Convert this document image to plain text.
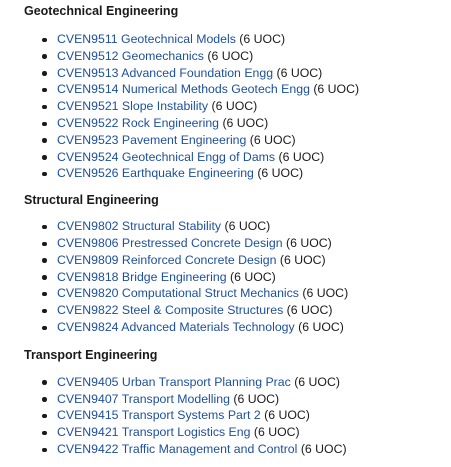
Geotechnical Engineering
CVEN9511 Geotechnical Models (6 UOC)
CVEN9512 Geomechanics (6 UOC)
CVEN9513 Advanced Foundation Engg (6 UOC)
CVEN9514 Numerical Methods Geotech Engg (6 UOC)
CVEN9521 Slope Instability (6 UOC)
CVEN9522 Rock Engineering (6 UOC)
CVEN9523 Pavement Engineering (6 UOC)
CVEN9524 Geotechnical Engg of Dams (6 UOC)
CVEN9526 Earthquake Engineering (6 UOC)
Structural Engineering
CVEN9802 Structural Stability (6 UOC)
CVEN9806 Prestressed Concrete Design (6 UOC)
CVEN9809 Reinforced Concrete Design (6 UOC)
CVEN9818 Bridge Engineering (6 UOC)
CVEN9820 Computational Struct Mechanics (6 UOC)
CVEN9822 Steel & Composite Structures (6 UOC)
CVEN9824 Advanced Materials Technology (6 UOC)
Transport Engineering
CVEN9405 Urban Transport Planning Prac (6 UOC)
CVEN9407 Transport Modelling (6 UOC)
CVEN9415 Transport Systems Part 2 (6 UOC)
CVEN9421 Transport Logistics Eng (6 UOC)
CVEN9422 Traffic Management and Control (6 UOC)
